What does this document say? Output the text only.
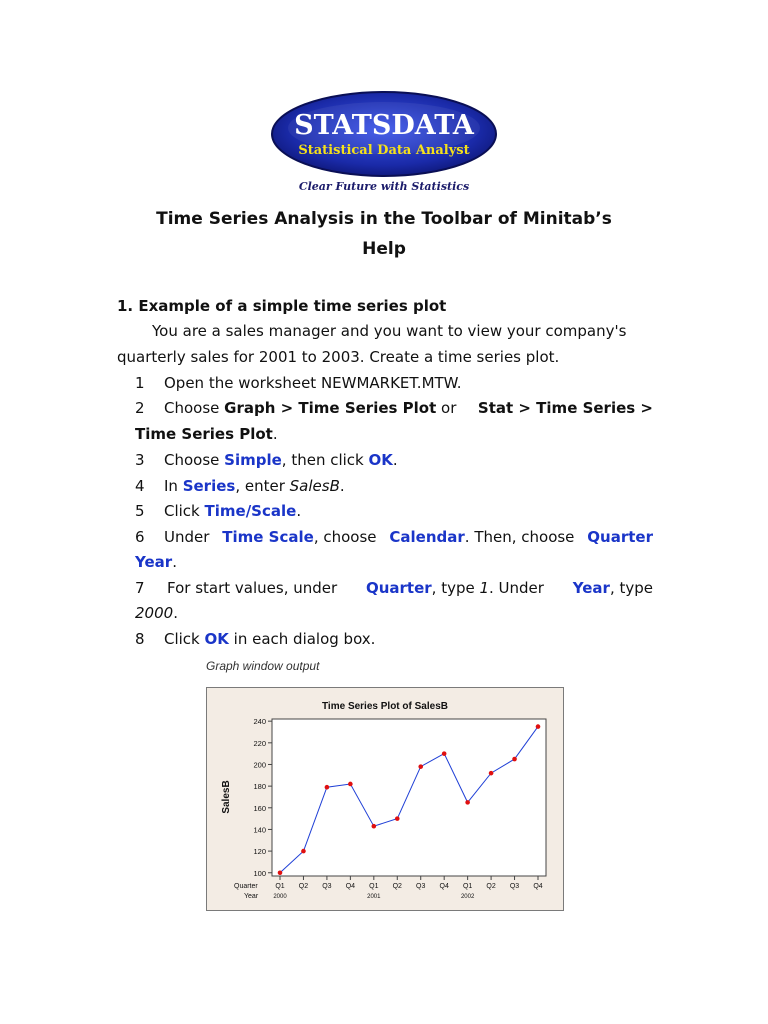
STATSDATA
Statistical Data Analyst
Clear Future with Statistics
Time Series Analysis in the Toolbar of Minitab’s
Help
1. Example of a simple time series plot
You are a sales manager and you want to view your company's
quarterly sales for 2001 to 2003. Create a time series plot.
1 Open the worksheet NEWMARKET.MTW.
2 Choose Graph > Time Series Plot or Stat > Time Series >
Time Series Plot.
3 Choose Simple, then click OK.
4 In Series, enter SalesB.
5 Click Time/Scale.
6 Under Time Scale, choose Calendar. Then, choose Quarter
Year.
7 For start values, under Quarter, type 1. Under Year, type
2000.
8 Click OK in each dialog box.
Graph window output
Time Series Plot of SalesB
SalesB
100
120
140
160
180
200
220
240
Quarter
Year
Q1 Q2 Q3 Q4 Q1 Q2 Q3 Q4 Q1 Q2 Q3 Q4
2000	2001	2002
